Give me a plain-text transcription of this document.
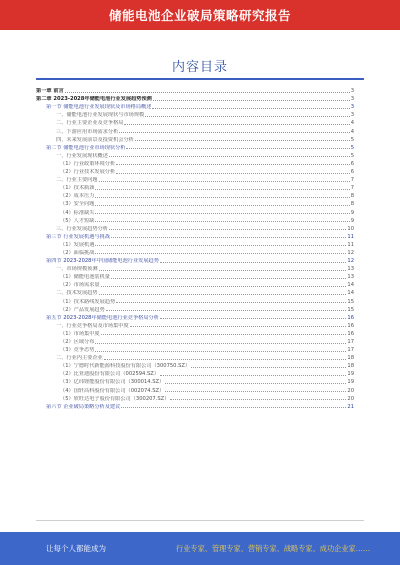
储能电池企业破局策略研究报告
内容目录
第一章 前言	3
第二章 2023-2028年储能电池行业发展趋势预测	3
第一节 储能电池行业发展现状及市场格局概述	3
一、储能电池行业发展现状与市场规模	3
二、行业主要企业及竞争格局	4
三、下游应用市场需求分析	4
四、未来发展前景及投资机会分析	5
第二节 储能电池行业市场现状分析	5
一、行业发展现状概述	5
（1）行业政策环境分析	6
（2）行业技术发展分析	6
二、行业主要问题	7
（1）技术瓶颈	7
（2）成本压力	8
（3）安全问题	8
（4）标准缺失	9
（5）人才短缺	9
三、行业发展趋势分析	10
第三节 行业发展机遇与挑战	11
（1）发展机遇	11
（2）面临挑战	12
第四节 2023-2028年中国储能电池行业发展趋势	12
一、市场规模预测	13
（1）储能电池装机量	13
（2）市场需求量	14
二、技术发展趋势	14
（1）技术路线发展趋势	15
（2）产品发展趋势	15
第五节 2023-2028年储能电池行业竞争格局分析	16
一、行业竞争格局及市场集中度	16
（1）市场集中度	16
（2）区域分布	17
（3）竞争态势	17
二、行业内主要企业	18
（1）宁德时代新能源科技股份有限公司（300750.SZ）	18
（2）比亚迪股份有限公司（002594.SZ）	19
（3）亿纬锂能股份有限公司（300014.SZ）	19
（4）国轩高科股份有限公司（002074.SZ）	20
（5）欣旺达电子股份有限公司（300207.SZ）	20
第六节 企业破局策略分析及建议	21
让每个人都能成为	行业专家、管理专家、营销专家、战略专家、成功企业家……
